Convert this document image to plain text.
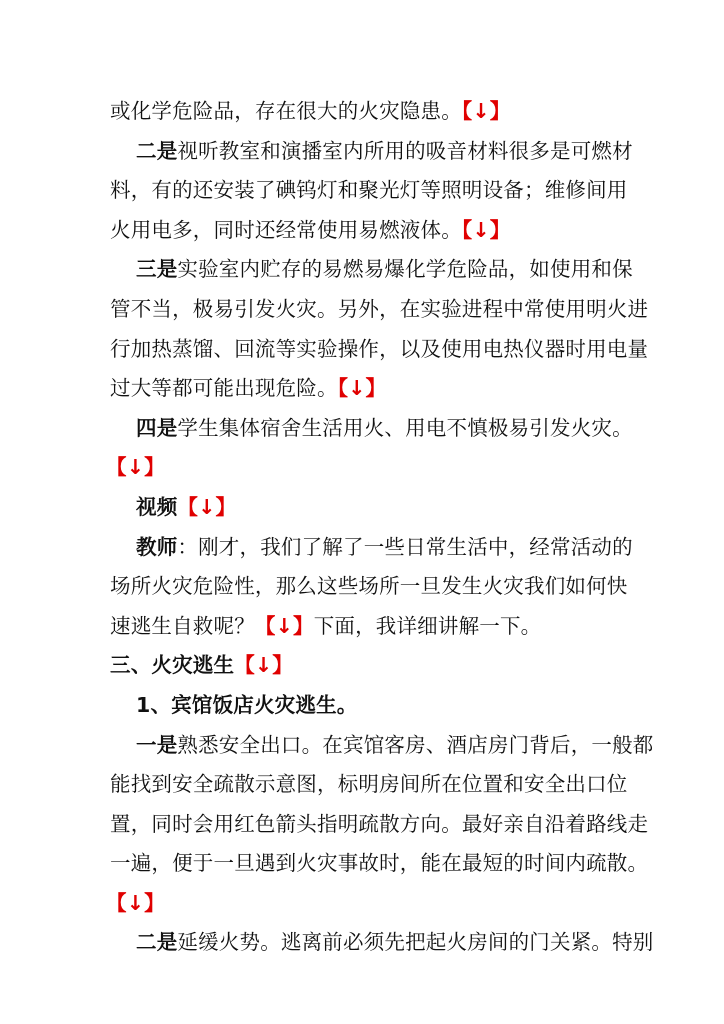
或化学危险品，存在很大的火灾隐患。【↓】
二是视听教室和演播室内所用的吸音材料很多是可燃材
料，有的还安装了碘钨灯和聚光灯等照明设备；维修间用
火用电多，同时还经常使用易燃液体。【↓】
三是实验室内贮存的易燃易爆化学危险品，如使用和保
管不当，极易引发火灾。另外，在实验进程中常使用明火进
行加热蒸馏、回流等实验操作，以及使用电热仪器时用电量
过大等都可能出现危险。【↓】
四是学生集体宿舍生活用火、用电不慎极易引发火灾。
【↓】
视频【↓】
教师：刚才，我们了解了一些日常生活中，经常活动的
场所火灾危险性，那么这些场所一旦发生火灾我们如何快
速逃生自救呢？【↓】下面，我详细讲解一下。
三、火灾逃生【↓】
1、宾馆饭店火灾逃生。
一是熟悉安全出口。在宾馆客房、酒店房门背后，一般都
能找到安全疏散示意图，标明房间所在位置和安全出口位
置，同时会用红色箭头指明疏散方向。最好亲自沿着路线走
一遍，便于一旦遇到火灾事故时，能在最短的时间内疏散。
【↓】
二是延缓火势。逃离前必须先把起火房间的门关紧。特别
